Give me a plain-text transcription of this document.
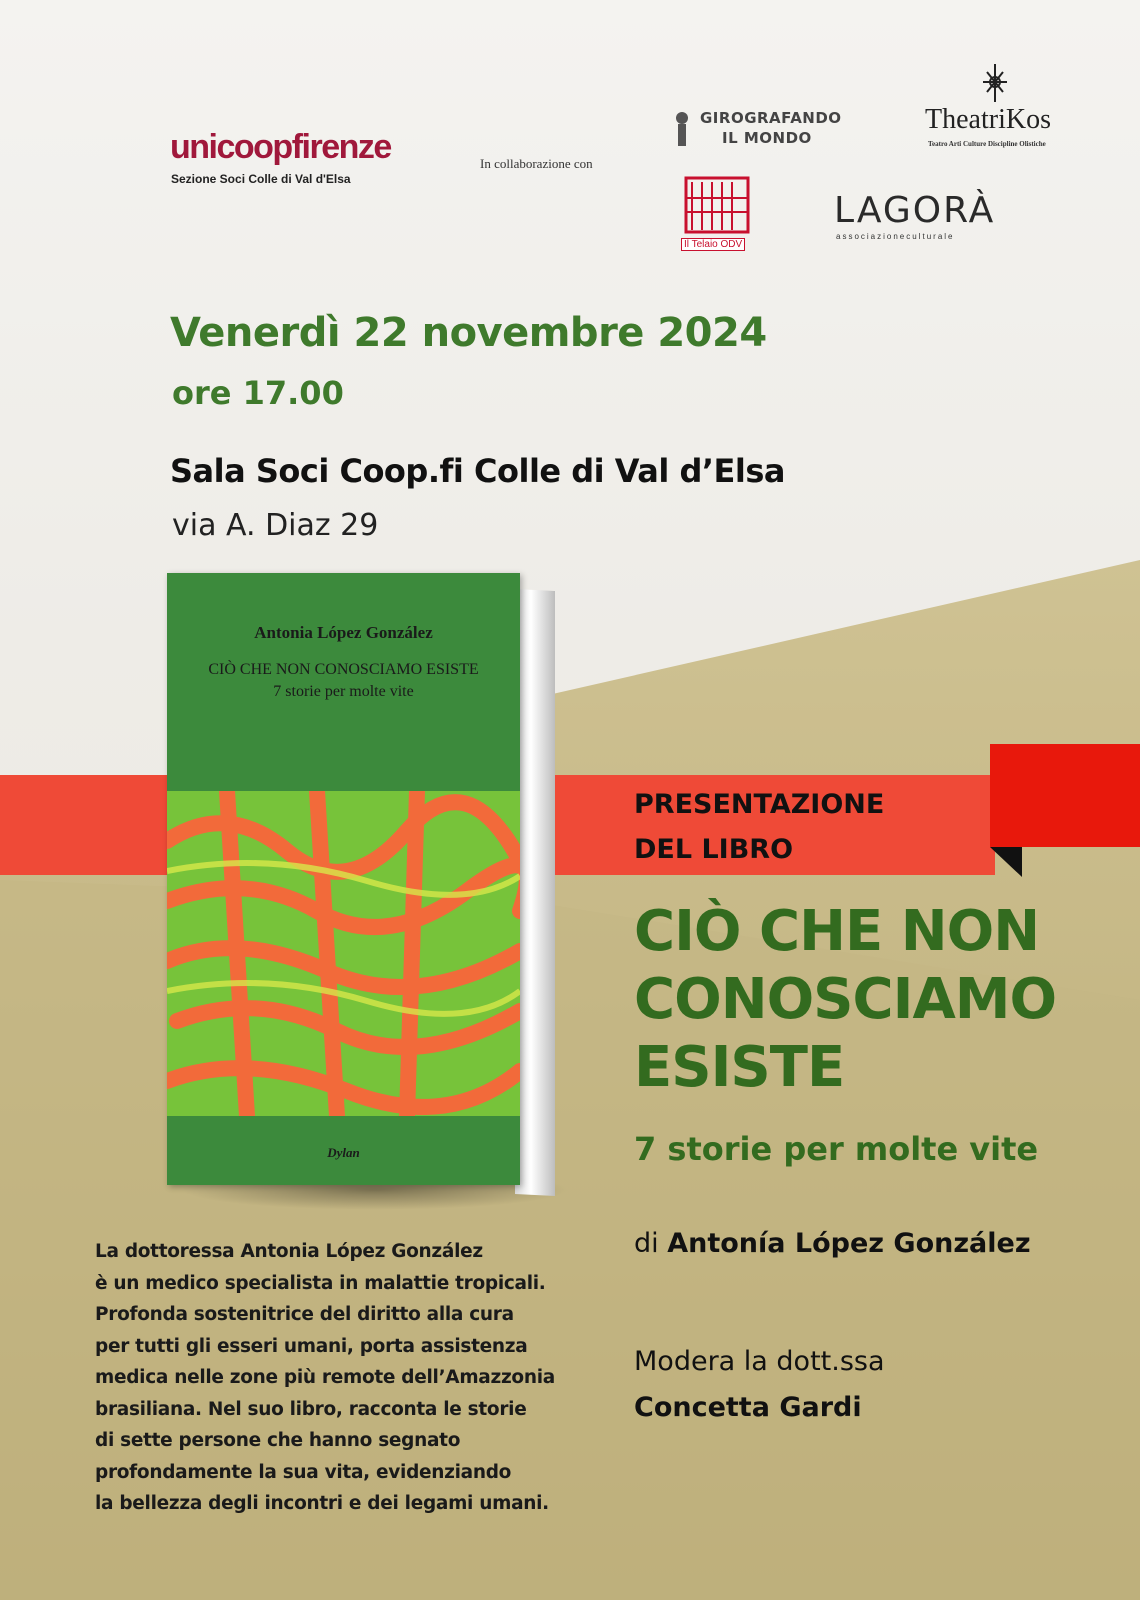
unicoopfirenze
Sezione Soci Colle di Val d'Elsa
In collaborazione con
GIROGRAFANDO
IL MONDO
TheatriKos
Teatro Arti Culture Discipline Olistiche
Il Telaio ODV
LAGORÀ
associazioneculturale
Venerdì 22 novembre 2024
ore 17.00
Sala Soci Coop.fi Colle di Val d’Elsa
via A. Diaz 29
Antonia López González
CIÒ CHE NON CONOSCIAMO ESISTE
7 storie per molte vite
Dylan
PRESENTAZIONE
DEL LIBRO
CIÒ CHE NON
CONOSCIAMO
ESISTE
7 storie per molte vite
di Antonía López González
Modera la dott.ssa
Concetta Gardi
La dottoressa Antonia López González
è un medico specialista in malattie tropicali.
Profonda sostenitrice del diritto alla cura
per tutti gli esseri umani, porta assistenza
medica nelle zone più remote dell’Amazzonia
brasiliana. Nel suo libro, racconta le storie
di sette persone che hanno segnato
profondamente la sua vita, evidenziando
la bellezza degli incontri e dei legami umani.
